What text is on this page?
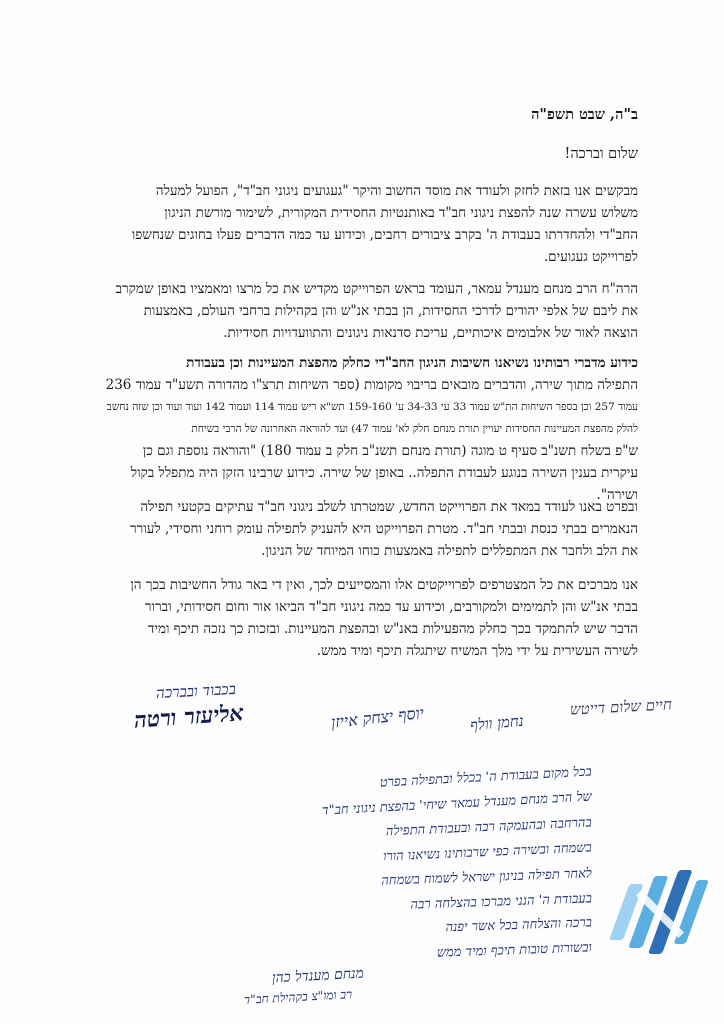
ב"ה, שבט תשפ"ה
שלום וברכה!
מבקשים אנו בזאת לחזק ולעודד את מוסד החשוב והיקר "געגועים ניגוני חב"ד", הפועל למעלה
משלוש עשרה שנה להפצת ניגוני חב"ד באותנטיות החסידית המקורית, לשימור מורשת הניגון
החב"די ולהחדרתו בעבודת ה' בקרב ציבורים רחבים, וכידוע עד כמה הדברים פעלו בחוגים שנחשפו
לפרוייקט געגועים.
הרה"ח הרב מנחם מענדל עמאר, העומד בראש הפרוייקט מקדיש את כל מרצו ומאמציו באופן שמקרב
את ליבם של אלפי יהודים לדרכי החסידות, הן בבתי אנ"ש והן בקהילות ברחבי העולם, באמצעות
הוצאה לאור של אלבומים איכותיים, עריכת סדנאות ניגונים והתוועדויות חסידיות.
כידוע מדברי רבותינו נשיאנו חשיבות הניגון החב"די כחלק מהפצת המעיינות וכן בעבודת
התפילה מתוך שירה, והדברים מובאים בריבוי מקומות (ספר השיחות תרצ"ו מהדורה תשע"ד עמוד 236
עמוד 257 וכן בספר השיחות הת"ש עמוד 33 עי 34-33 ע' 159-160 תש"א ריש עמוד 114 ועמוד 142 ועוד ועוד וכן שזה נחשב
להלק מהפצת המעיינות החסידות יעויין תורת מנחם חלק לא' עמוד 47) ועד להוראה האחרונה של הרבי בשיחת
ש"פ בשלח תשנ"ב סעיף ט מוגה (תורת מנחם תשנ"ב חלק ב עמוד 180) "והוראה נוספת וגם כן
עיקרית בענין השירה בנוגע לעבודת התפלה.. באופן של שירה. כידוע שרבינו הזקן היה מתפלל בקול
ושירה".
ובפרט באנו לעודד במאד את הפרוייקט החדש, שמטרתו לשלב ניגוני חב"ד עתיקים בקטעי תפילה
הנאמרים בבתי כנסת ובבתי חב"ד. מטרת הפרוייקט היא להעניק לתפילה עומק רוחני וחסידי, לעורר
את הלב ולחבר את המתפללים לתפילה באמצעות כוחו המיוחד של הניגון.
אנו מברכים את כל המצטרפים לפרוייקטים אלו והמסייעים לכך, ואין די באר גודל החשיבות בכך הן
בבתי אנ"ש והן לתמימים ולמקורבים, וכידוע עד כמה ניגוני חב"ד הביאו אור וחום חסידותי, וברור
הדבר שיש להתמקד בכך כחלק מהפעילות באנ"ש ובהפצת המעיינות. ובזכות כך נזכה תיכף ומיד
לשירה העשירית על ידי מלך המשיח שיתגלה תיכף ומיד ממש.
בכבוד ובברכה
אליעזר ורטה	יוסף יצחק אייזן	נחמן וולף
חיים שלום דייטש
בכל מקום בעבודת ה' בכלל ובתפילה בפרט
של הרב מנחם מענדל עמאר שיחי' בהפצת ניגוני חב"ד
בהרחבה ובהעמקה רבה ובעבודת התפילה
בשמחה ובשירה כפי שרבותינו נשיאנו הורו
לאחר תפילה בניגון ישראל לשמוח בשמחה
בעבודת ה' הנני מברכו בהצלחה רבה
ברכה והצלחה בכל אשר יפנה
ובשורות טובות תיכף ומיד ממש
מנחם מענדל כהן
רב ומו"צ בקהילת חב"ד
